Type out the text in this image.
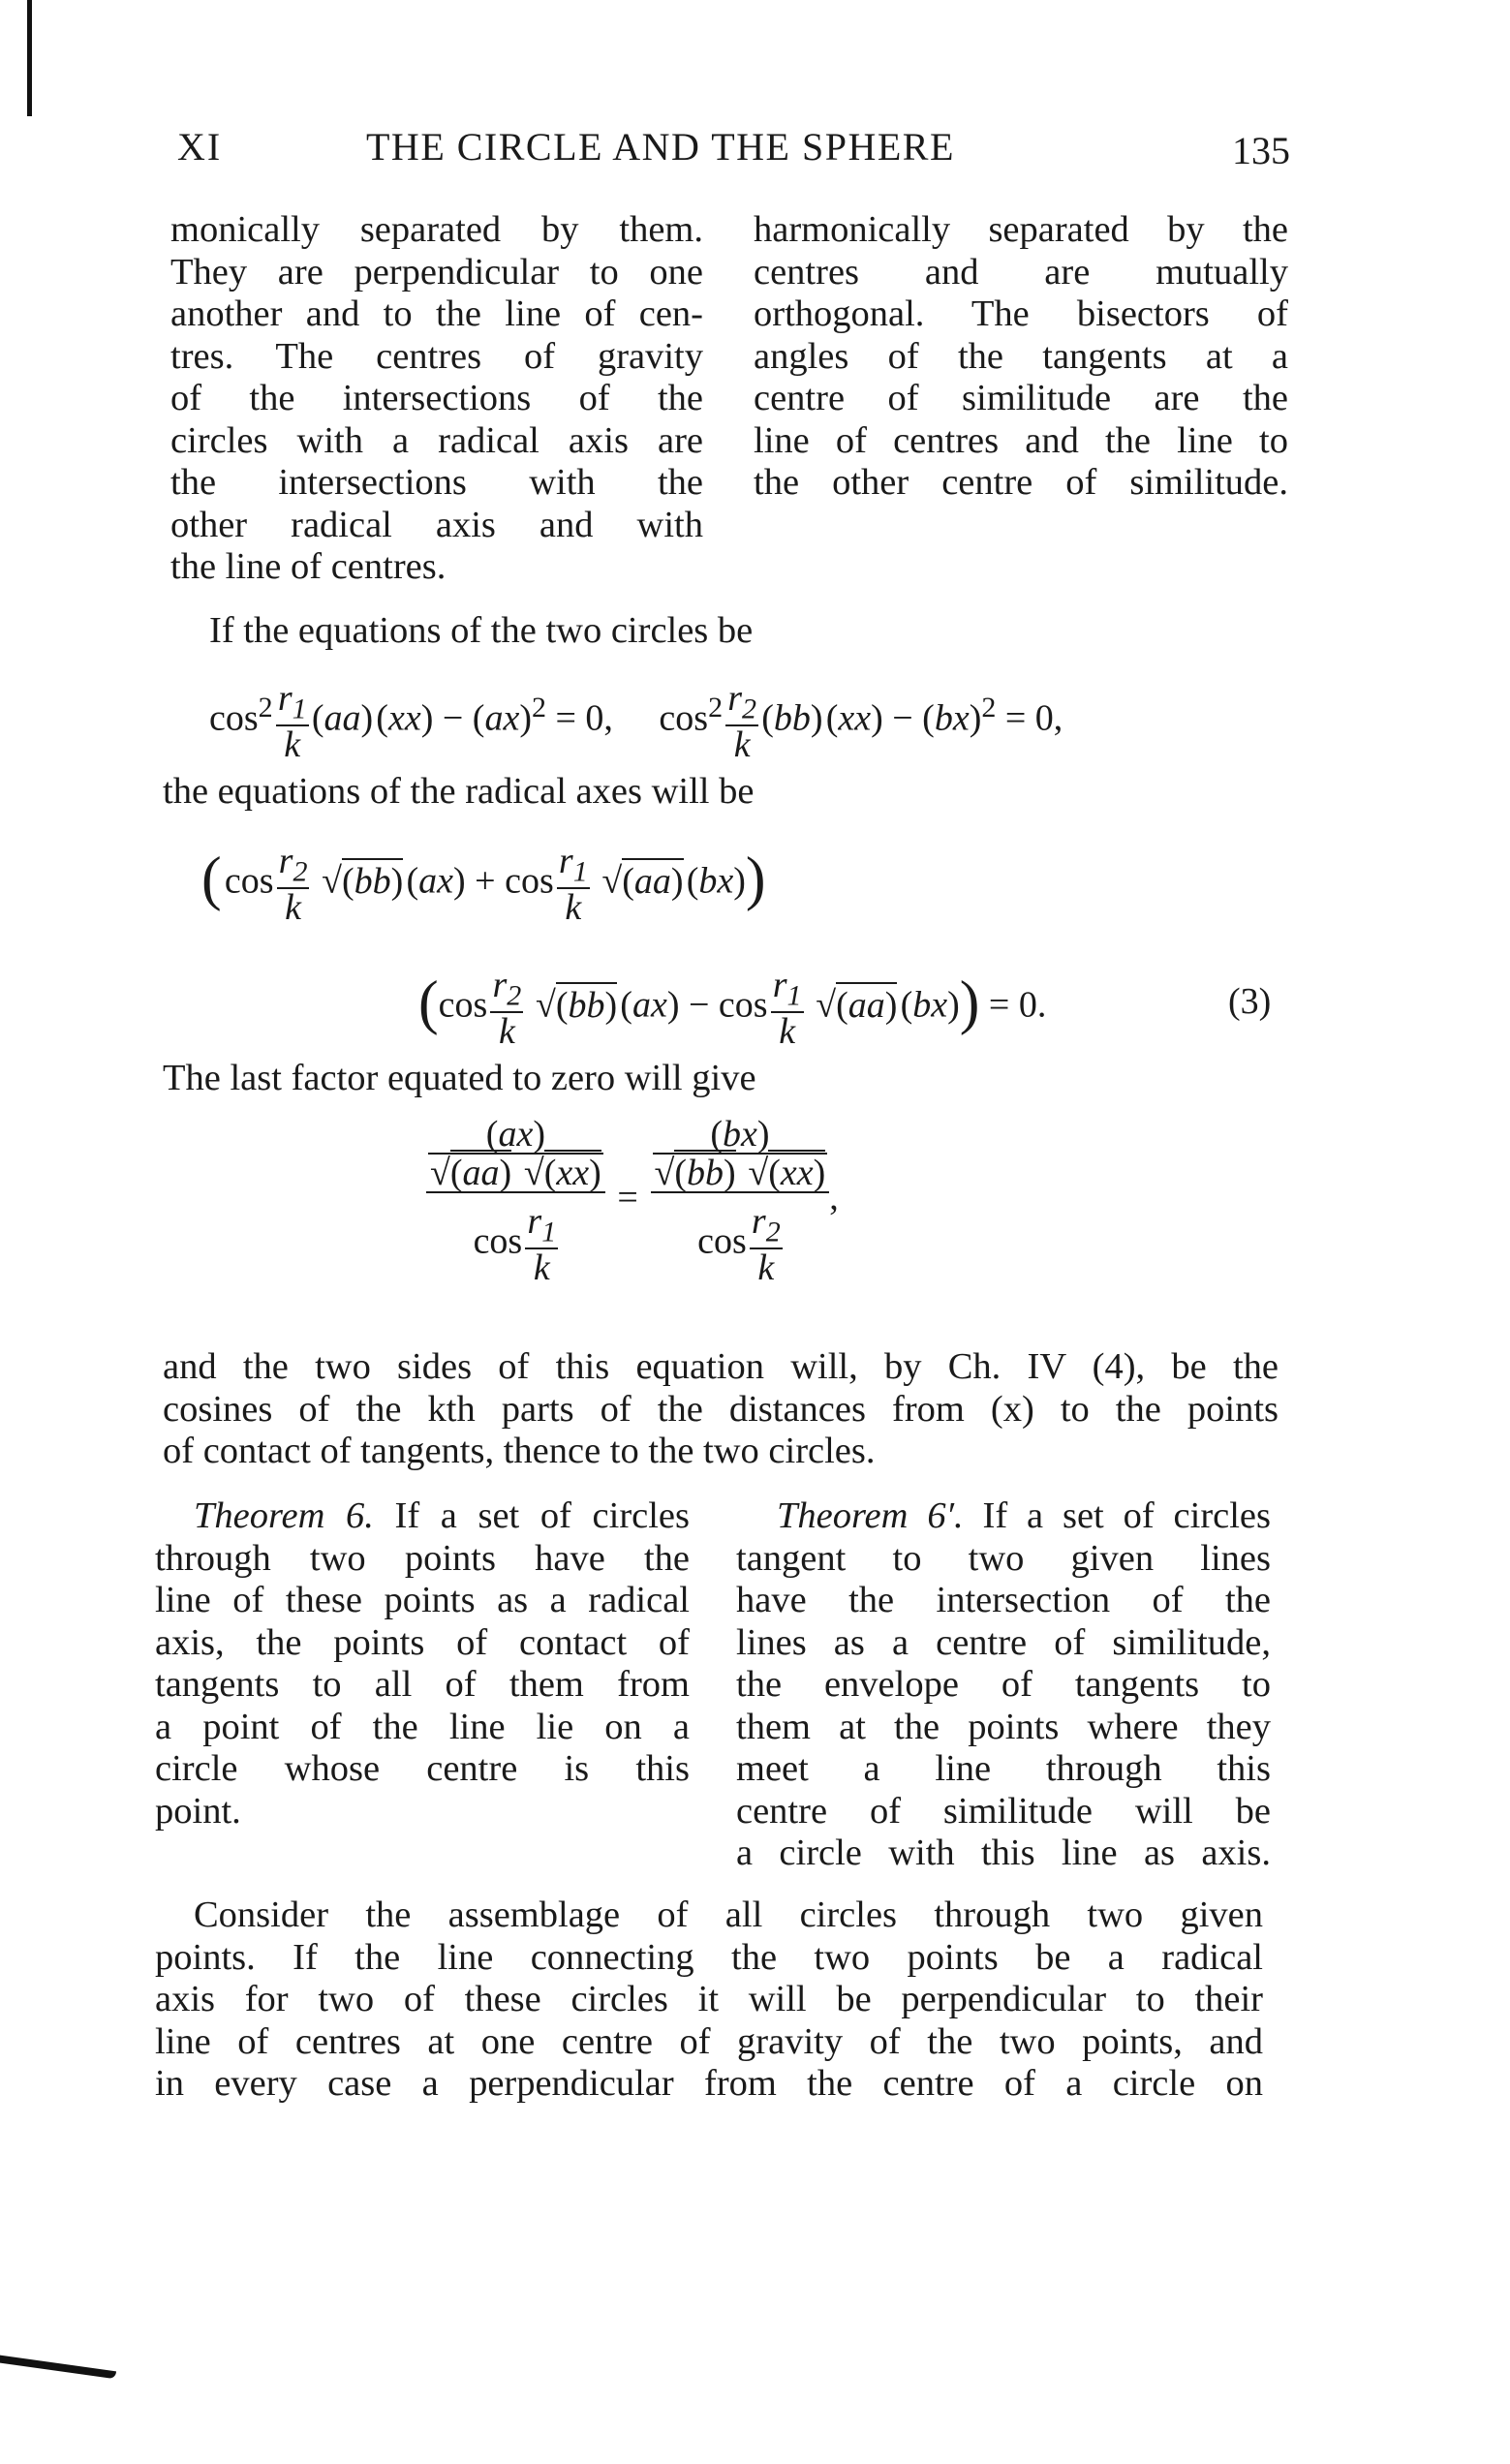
XI	THE CIRCLE AND THE SPHERE	135
monically separated by them.
They are perpendicular to one
another and to the line of cen-
tres. The centres of gravity
of the intersections of the
circles with a radical axis are
the intersections with the
other radical axis and with
the line of centres.
harmonically separated by the
centres and are mutually
orthogonal. The bisectors of
angles of the tangents at a
centre of similitude are the
line of centres and the line to
the other centre of similitude.
If the equations of the two circles be
$\cos^2$  $\frac{r_1}{k}$  (aa) (xx) − (ax)$^2$ = 0,     $\cos^2$  $\frac{r_2}{k}$  (bb) (xx) − (bx)$^2$ = 0,
the equations of the radical axes will be
( cos  $\frac{r_2}{k}$   √(bb) (ax) + cos  $\frac{r_1}{k}$   √(aa) (bx))
(cos  $\frac{r_2}{k}$   √(bb) (ax) − cos  $\frac{r_1}{k}$   √(aa) (bx)) = 0.	(3)
The last factor equated to zero will give
$\frac{\frac{(ax)}{√(aa) √(xx)}}{\cos \frac{r_1}{k}}$  =  $\frac{\frac{(bx)}{√(bb) √(xx)}}{\cos \frac{r_2}{k}}$ ,
and the two sides of this equation will, by Ch. IV (4), be the
cosines of the kth parts of the distances from (x) to the points
of contact of tangents, thence to the two circles.
Theorem 6. If a set of circles
through two points have the
line of these points as a radical
axis, the points of contact of
tangents to all of them from
a point of the line lie on a
circle whose centre is this
point.
Theorem 6′. If a set of circles
tangent to two given lines
have the intersection of the
lines as a centre of similitude,
the envelope of tangents to
them at the points where they
meet a line through this
centre of similitude will be
a circle with this line as axis.
Consider the assemblage of all circles through two given
points. If the line connecting the two points be a radical
axis for two of these circles it will be perpendicular to their
line of centres at one centre of gravity of the two points, and
in every case a perpendicular from the centre of a circle on
